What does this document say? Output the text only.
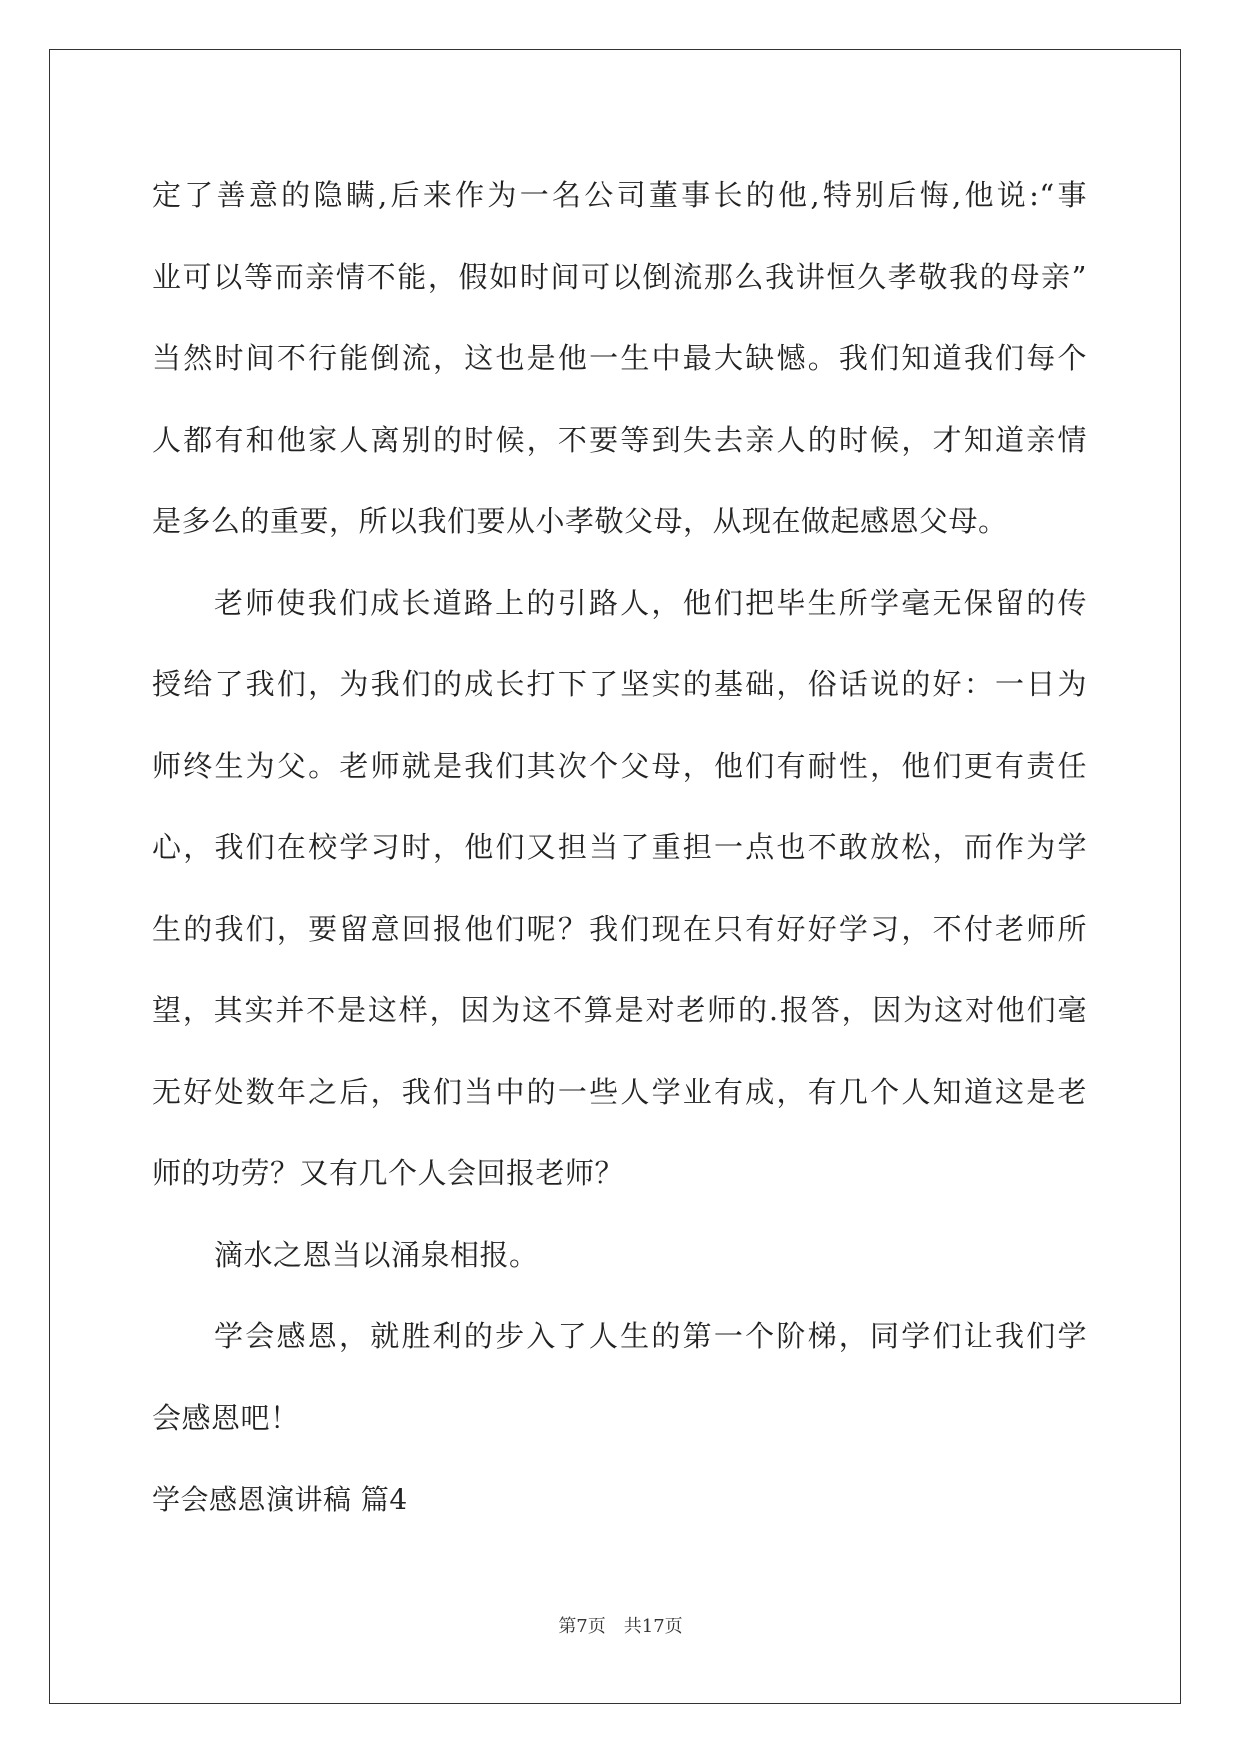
定了善意的隐瞒,后来作为一名公司董事长的他,特别后悔,他说:“事
业可以等而亲情不能，假如时间可以倒流那么我讲恒久孝敬我的母亲”
当然时间不行能倒流，这也是他一生中最大缺憾。我们知道我们每个
人都有和他家人离别的时候，不要等到失去亲人的时候，才知道亲情
是多么的重要，所以我们要从小孝敬父母，从现在做起感恩父母。
老师使我们成长道路上的引路人，他们把毕生所学毫无保留的传
授给了我们，为我们的成长打下了坚实的基础，俗话说的好：一日为
师终生为父。老师就是我们其次个父母，他们有耐性，他们更有责任
心，我们在校学习时，他们又担当了重担一点也不敢放松，而作为学
生的我们，要留意回报他们呢？我们现在只有好好学习，不付老师所
望，其实并不是这样，因为这不算是对老师的.报答，因为这对他们毫
无好处数年之后，我们当中的一些人学业有成，有几个人知道这是老
师的功劳？又有几个人会回报老师？
滴水之恩当以涌泉相报。
学会感恩，就胜利的步入了人生的第一个阶梯，同学们让我们学
会感恩吧！
学会感恩演讲稿 篇4
第7页　共17页
